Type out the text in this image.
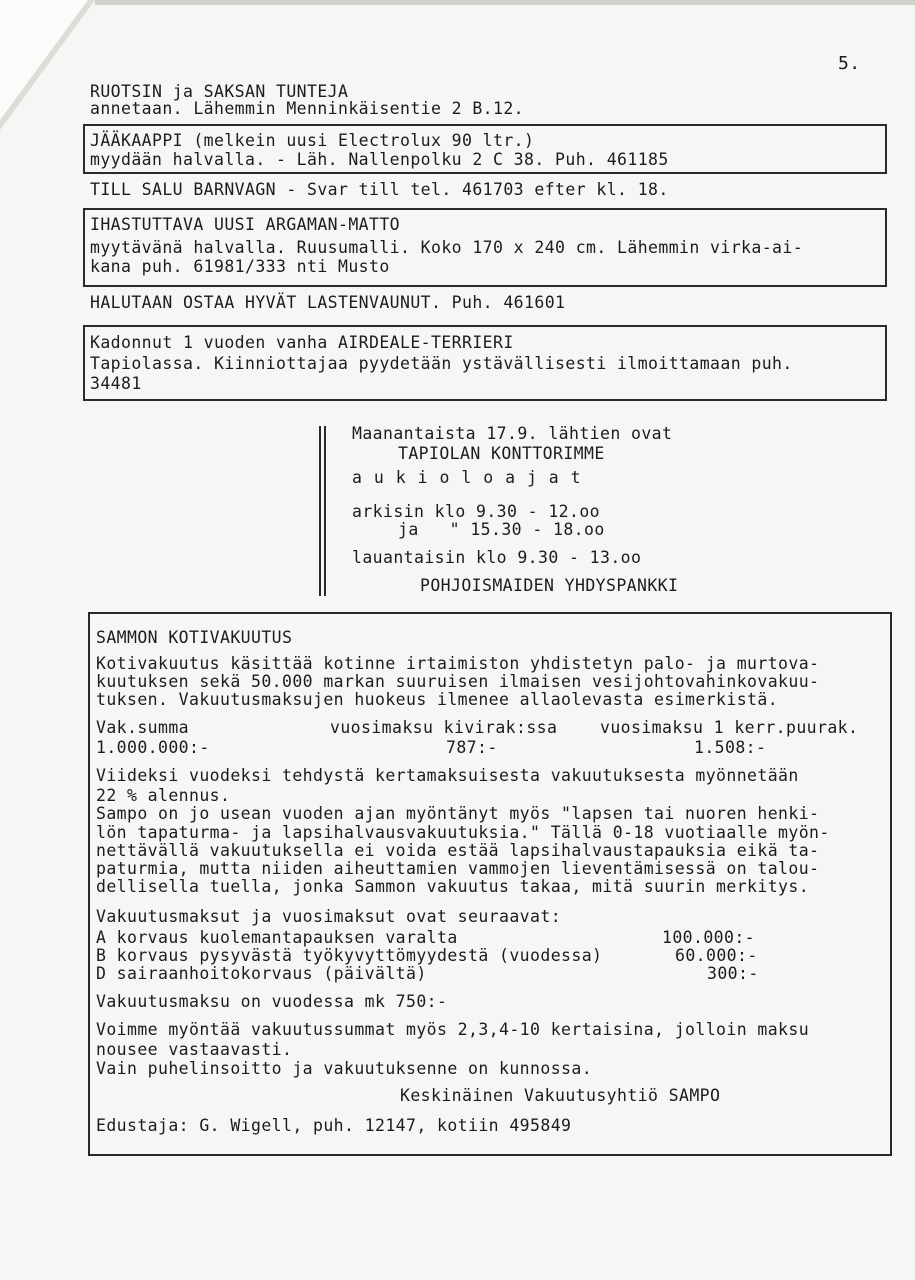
5.
RUOTSIN ja SAKSAN TUNTEJA
annetaan. Lähemmin Menninkäisentie 2 B.12.
JÄÄKAAPPI (melkein uusi Electrolux 90 ltr.)
myydään halvalla. - Läh. Nallenpolku 2 C 38. Puh. 461185
TILL SALU BARNVAGN - Svar till tel. 461703 efter kl. 18.
IHASTUTTAVA UUSI ARGAMAN-MATTO
myytävänä halvalla. Ruusumalli. Koko 170 x 240 cm. Lähemmin virka-ai-
kana puh. 61981/333 nti Musto
HALUTAAN OSTAA HYVÄT LASTENVAUNUT. Puh. 461601
Kadonnut 1 vuoden vanha AIRDEALE-TERRIERI
Tapiolassa. Kiinniottajaa pyydetään ystävällisesti ilmoittamaan puh.
34481
Maanantaista 17.9. lähtien ovat
TAPIOLAN KONTTORIMME
a u k i o l o a j a t
arkisin klo 9.30 - 12.oo
ja   " 15.30 - 18.oo
lauantaisin klo 9.30 - 13.oo
POHJOISMAIDEN YHDYSPANKKI
SAMMON KOTIVAKUUTUS
Kotivakuutus käsittää kotinne irtaimiston yhdistetyn palo- ja murtova-
kuutuksen sekä 50.000 markan suuruisen ilmaisen vesijohtovahinkovakuu-
tuksen. Vakuutusmaksujen huokeus ilmenee allaolevasta esimerkistä.
Vak.summa	vuosimaksu kivirak:ssa	vuosimaksu 1 kerr.puurak.
1.000.000:-	787:-	1.508:-
Viideksi vuodeksi tehdystä kertamaksuisesta vakuutuksesta myönnetään
22 % alennus.
Sampo on jo usean vuoden ajan myöntänyt myös "lapsen tai nuoren henki-
lön tapaturma- ja lapsihalvausvakuutuksia." Tällä 0-18 vuotiaalle myön-
nettävällä vakuutuksella ei voida estää lapsihalvaustapauksia eikä ta-
paturmia, mutta niiden aiheuttamien vammojen lieventämisessä on talou-
dellisella tuella, jonka Sammon vakuutus takaa, mitä suurin merkitys.
Vakuutusmaksut ja vuosimaksut ovat seuraavat:
A korvaus kuolemantapauksen varalta	100.000:-
B korvaus pysyvästä työkyvyttömyydestä (vuodessa)	60.000:-
D sairaanhoitokorvaus (päivältä)	300:-
Vakuutusmaksu on vuodessa mk 750:-
Voimme myöntää vakuutussummat myös 2,3,4-10 kertaisina, jolloin maksu
nousee vastaavasti.
Vain puhelinsoitto ja vakuutuksenne on kunnossa.
Keskinäinen Vakuutusyhtiö SAMPO
Edustaja: G. Wigell, puh. 12147, kotiin 495849
